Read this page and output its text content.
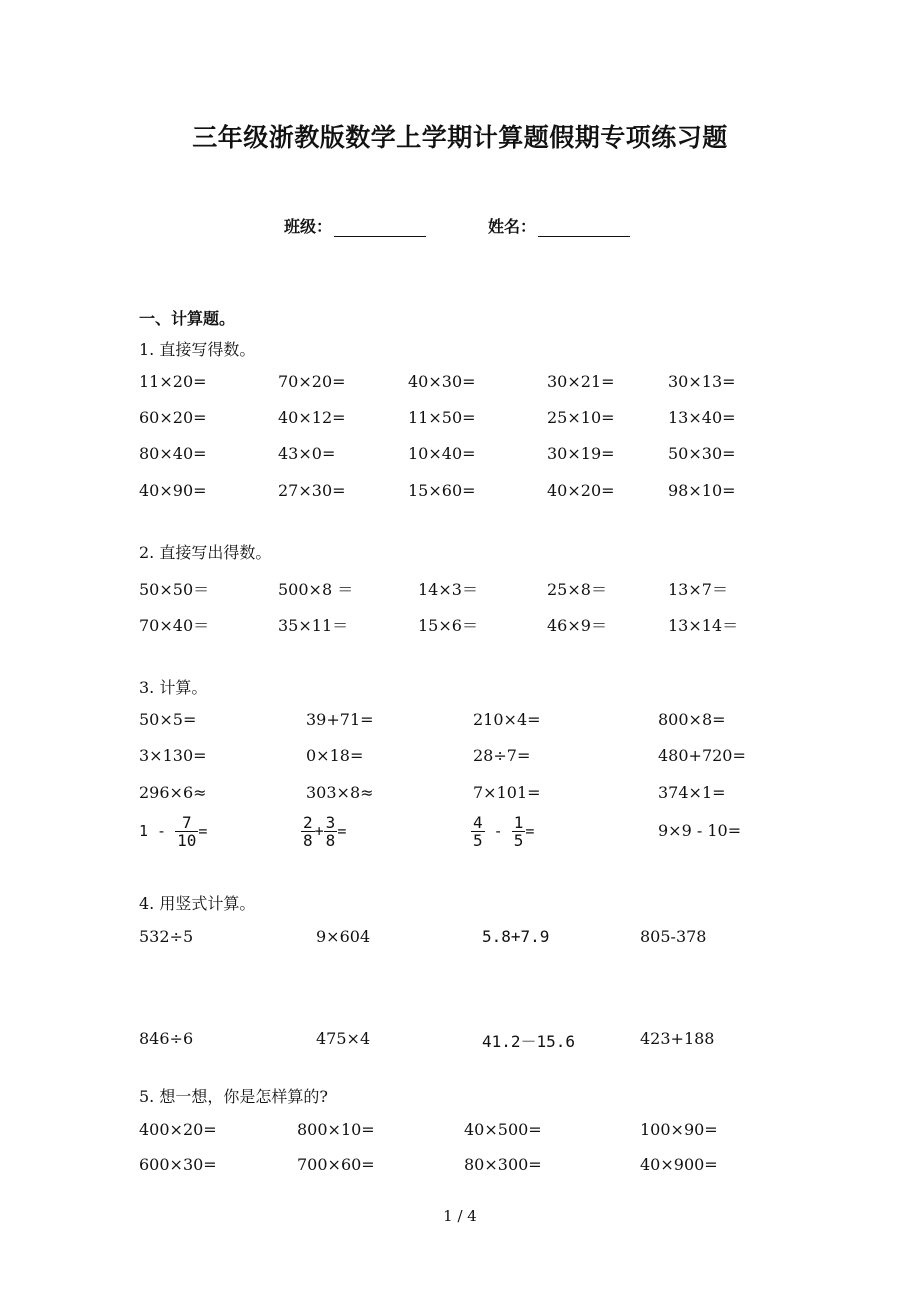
三年级浙教版数学上学期计算题假期专项练习题
班级：	姓名：
一、计算题。
1. 直接写得数。
11×20=	70×20=	40×30=	30×21=	30×13=
60×20=	40×12=	11×50=	25×10=	13×40=
80×40=	43×0=	10×40=	30×19=	50×30=
40×90=	27×30=	15×60=	40×20=	98×10=
2. 直接写出得数。
50×50＝	500×8 ＝	14×3＝	25×8＝	13×7＝
70×40＝	35×11＝	15×6＝	46×9＝	13×14＝
3. 计算。
50×5=	39+71=	210×4=	800×8=
3×130=	0×18=	28÷7=	480+720=
296×6≈	303×8≈	7×101=	374×1=
$1 - \frac{7}{10}$ =	$\frac{2}{8} + \frac{3}{8}$ =	$\frac{4}{5} - \frac{1}{5}$ =	9×9 - 10=
4. 用竖式计算。
532÷5	9×604	5.8+7.9	805-378
846÷6	475×4	41.2－15.6	423+188
5. 想一想，你是怎样算的?
400×20=	800×10=	40×500=	100×90=
600×30=	700×60=	80×300=	40×900=
1 / 4
